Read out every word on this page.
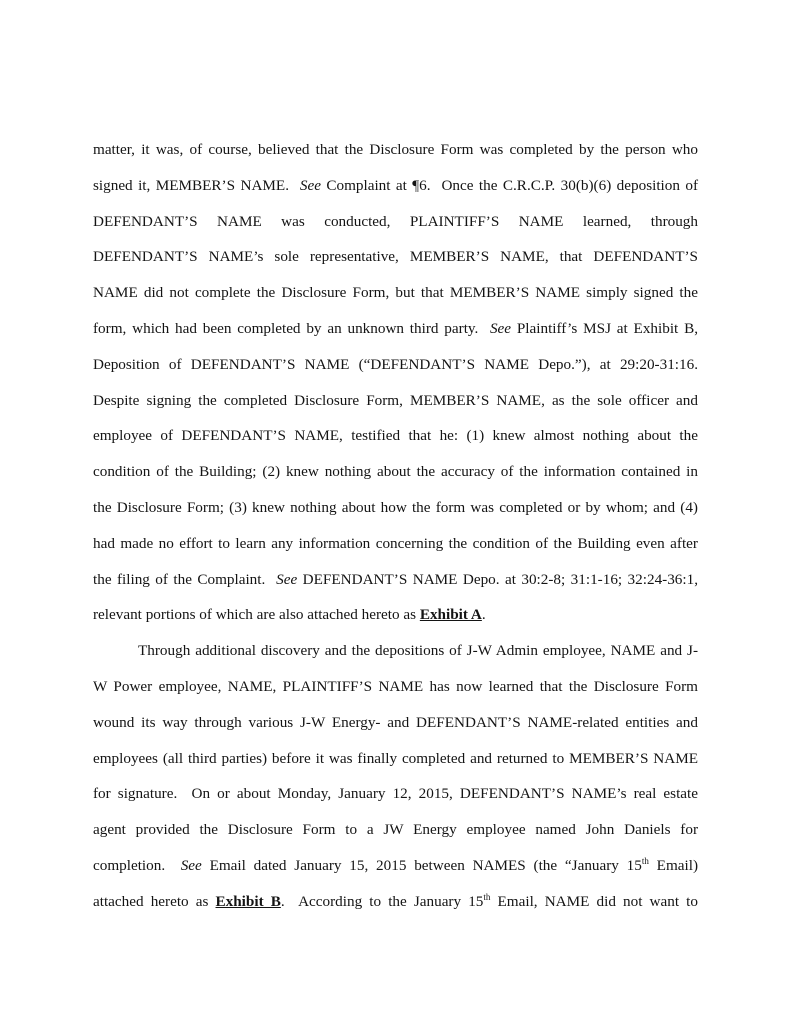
matter, it was, of course, believed that the Disclosure Form was completed by the person who
signed it, MEMBER’S NAME. See Complaint at ¶6. Once the C.R.C.P. 30(b)(6) deposition of
DEFENDANT’S NAME was conducted, PLAINTIFF’S NAME learned, through
DEFENDANT’S NAME’s sole representative, MEMBER’S NAME, that DEFENDANT’S
NAME did not complete the Disclosure Form, but that MEMBER’S NAME simply signed the
form, which had been completed by an unknown third party. See Plaintiff’s MSJ at Exhibit B,
Deposition of DEFENDANT’S NAME (“DEFENDANT’S NAME Depo.”), at 29:20-31:16.
Despite signing the completed Disclosure Form, MEMBER’S NAME, as the sole officer and
employee of DEFENDANT’S NAME, testified that he: (1) knew almost nothing about the
condition of the Building; (2) knew nothing about the accuracy of the information contained in
the Disclosure Form; (3) knew nothing about how the form was completed or by whom; and (4)
had made no effort to learn any information concerning the condition of the Building even after
the filing of the Complaint. See DEFENDANT’S NAME Depo. at 30:2-8; 31:1-16; 32:24-36:1,
relevant portions of which are also attached hereto as Exhibit A.
Through additional discovery and the depositions of J-W Admin employee, NAME and J-
W Power employee, NAME, PLAINTIFF’S NAME has now learned that the Disclosure Form
wound its way through various J-W Energy- and DEFENDANT’S NAME-related entities and
employees (all third parties) before it was finally completed and returned to MEMBER’S NAME
for signature. On or about Monday, January 12, 2015, DEFENDANT’S NAME’s real estate
agent provided the Disclosure Form to a JW Energy employee named John Daniels for
completion. See Email dated January 15, 2015 between NAMES (the “January 15th Email)
attached hereto as Exhibit B. According to the January 15th Email, NAME did not want to
